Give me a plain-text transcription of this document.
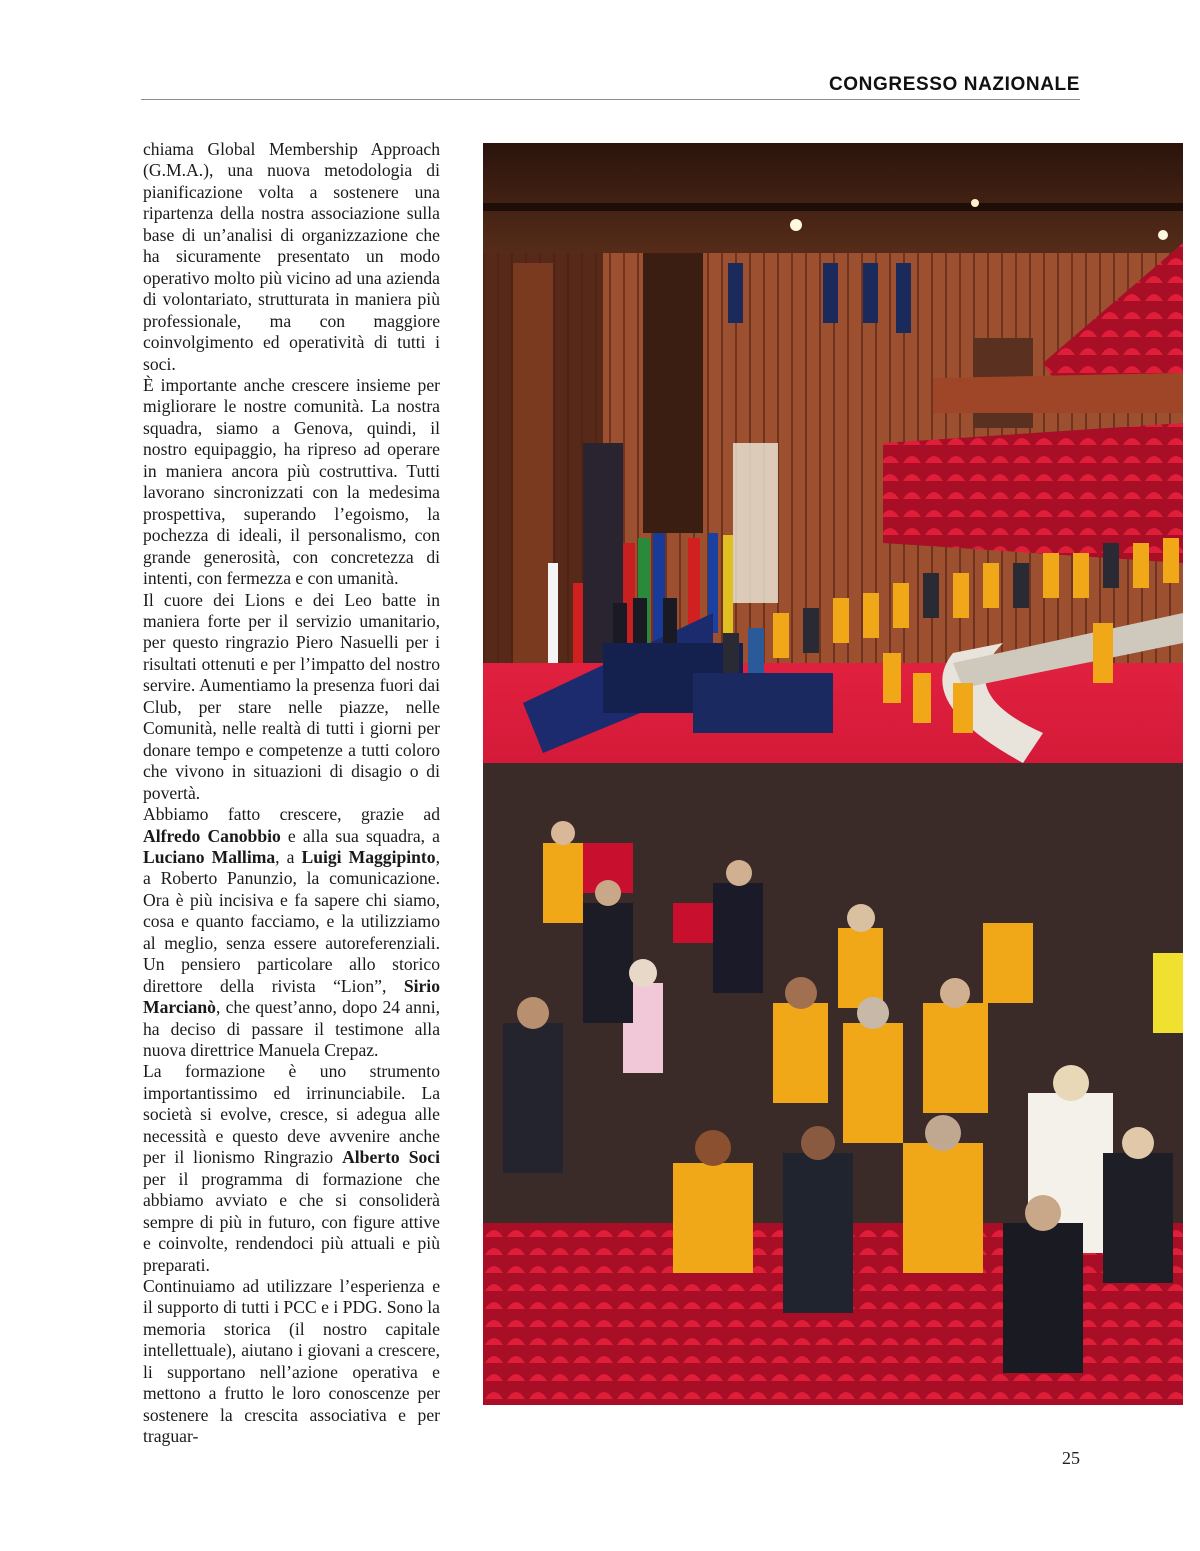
CONGRESSO NAZIONALE

chiama Global Membership Approach (G.M.A.), una nuova metodologia di pianificazione volta a sostenere una ripartenza della nostra associazione sulla base di un’analisi di organizzazione che ha sicuramente presentato un modo operativo molto più vicino ad una azienda di volontariato, strutturata in maniera più professionale, ma con maggiore coinvolgimento ed operatività di tutti i soci.

È importante anche crescere insieme per migliorare le nostre comunità. La nostra squadra, siamo a Genova, quindi, il nostro equipaggio, ha ripreso ad operare in maniera ancora più costruttiva. Tutti lavorano sincronizzati con la medesima prospettiva, superando l’egoismo, la pochezza di ideali, il personalismo, con grande generosità, con concretezza di intenti, con fermezza e con umanità.

Il cuore dei Lions e dei Leo batte in maniera forte per il servizio umanitario, per questo ringrazio Piero Nasuelli per i risultati ottenuti e per l’impatto del nostro servire. Aumentiamo la presenza fuori dai Club, per stare nelle piazze, nelle Comunità, nelle realtà di tutti i giorni per donare tempo e competenze a tutti coloro che vivono in situazioni di disagio o di povertà.

Abbiamo fatto crescere, grazie ad Alfredo Canobbio e alla sua squadra, a Luciano Mallima, a Luigi Maggipinto, a Roberto Panunzio, la comunicazione. Ora è più incisiva e fa sapere chi siamo, cosa e quanto facciamo, e la utilizziamo al meglio, senza essere autoreferenziali. Un pensiero particolare allo storico direttore della rivista “Lion”, Sirio Marcianò, che quest’anno, dopo 24 anni, ha deciso di passare il testimone alla nuova direttrice Manuela Crepaz.

La formazione è uno strumento importantissimo ed irrinunciabile. La società si evolve, cresce, si adegua alle necessità e questo deve avvenire anche per il lionismo Ringrazio Alberto Soci per il programma di formazione che abbiamo avviato e che si consoliderà sempre di più in futuro, con figure attive e coinvolte, rendendoci più attuali e più preparati.

Continuiamo ad utilizzare l’esperienza e il supporto di tutti i PCC e i PDG. Sono la memoria storica (il nostro capitale intellettuale), aiutano i giovani a crescere, li supportano nell’azione operativa e mettono a frutto le loro conoscenze per sostenere la crescita associativa e per traguar-

25
